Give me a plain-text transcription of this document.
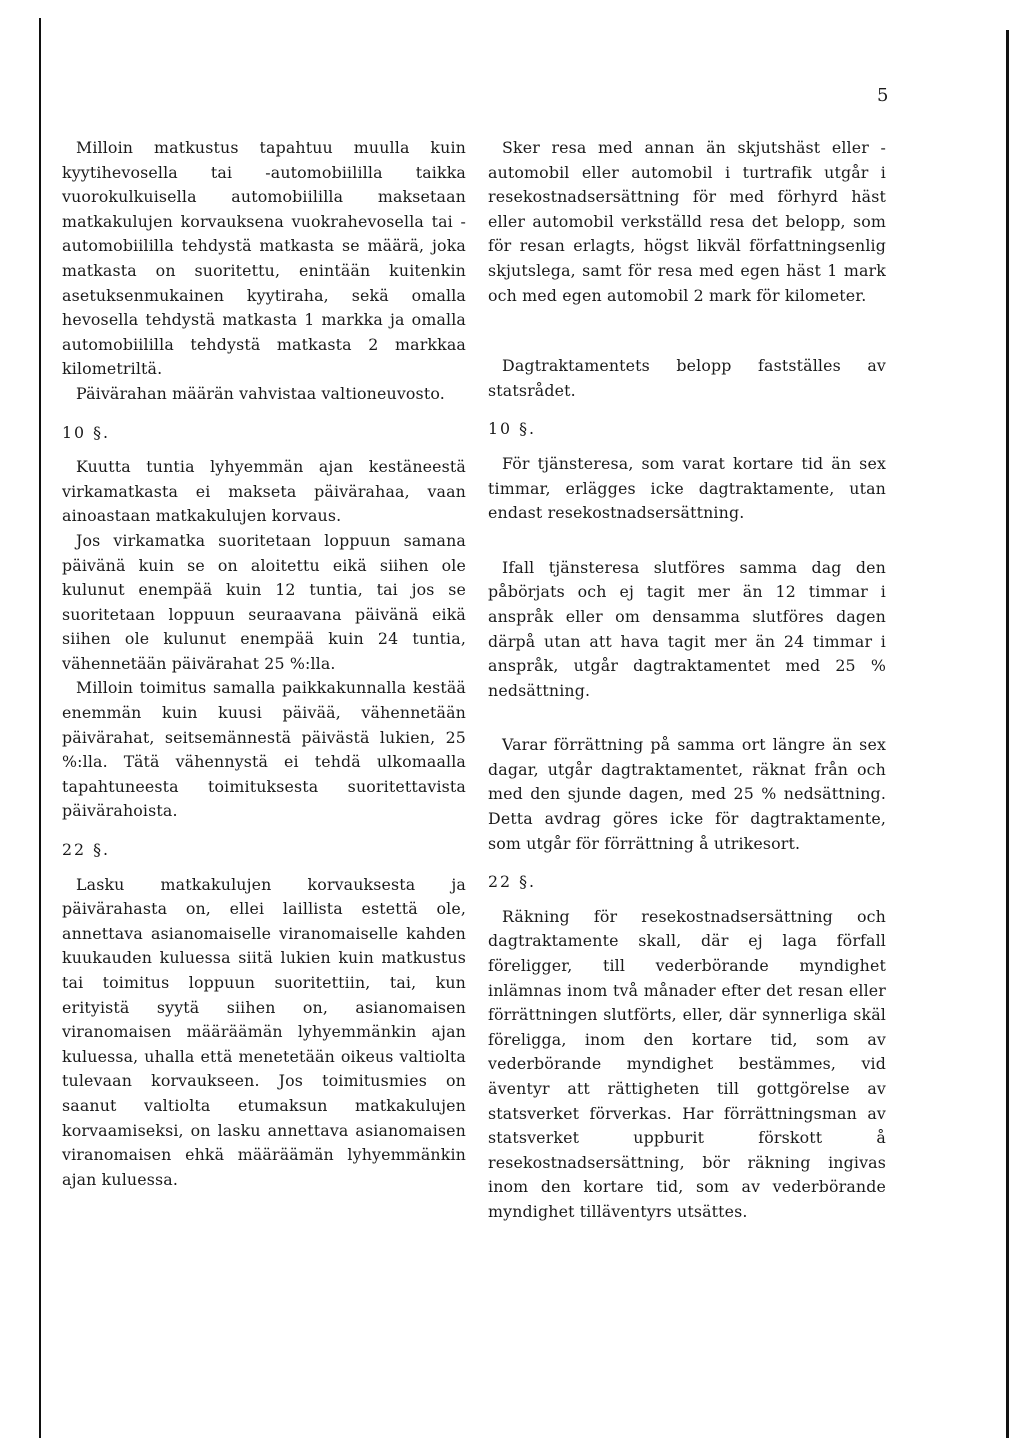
5

Milloin matkustus tapahtuu muulla kuin kyytihevosella tai -automobiililla taikka vuorokulkuisella automobiililla maksetaan matkakulujen korvauksena vuokrahevosella tai -automobiililla tehdystä matkasta se määrä, joka matkasta on suoritettu, enintään kuitenkin asetuksenmukainen kyytiraha, sekä omalla hevosella tehdystä matkasta 1 markka ja omalla automobiililla tehdystä matkasta 2 markkaa kilometriltä.

Päivärahan määrän vahvistaa valtioneuvosto.

10 §.

Kuutta tuntia lyhyemmän ajan kestäneestä virkamatkasta ei makseta päivärahaa, vaan ainoastaan matkakulujen korvaus.

Jos virkamatka suoritetaan loppuun samana päivänä kuin se on aloitettu eikä siihen ole kulunut enempää kuin 12 tuntia, tai jos se suoritetaan loppuun seuraavana päivänä eikä siihen ole kulunut enempää kuin 24 tuntia, vähennetään päivärahat 25 %:lla.

Milloin toimitus samalla paikkakunnalla kestää enemmän kuin kuusi päivää, vähennetään päivärahat, seitsemännestä päivästä lukien, 25 %:lla. Tätä vähennystä ei tehdä ulkomaalla tapahtuneesta toimituksesta suoritettavista päivärahoista.

22 §.

Lasku matkakulujen korvauksesta ja päivärahasta on, ellei laillista estettä ole, annettava asianomaiselle viranomaiselle kahden kuukauden kuluessa siitä lukien kuin matkustus tai toimitus loppuun suoritettiin, tai, kun erityistä syytä siihen on, asianomaisen viranomaisen määräämän lyhyemmänkin ajan kuluessa, uhalla että menetetään oikeus valtiolta tulevaan korvaukseen. Jos toimitusmies on saanut valtiolta etumaksun matkakulujen korvaamiseksi, on lasku annettava asianomaisen viranomaisen ehkä määräämän lyhyemmänkin ajan kuluessa.

Sker resa med annan än skjutshäst eller -automobil eller automobil i turtrafik utgår i resekostnadsersättning för med förhyrd häst eller automobil verkställd resa det belopp, som för resan erlagts, högst likväl författningsenlig skjutslega, samt för resa med egen häst 1 mark och med egen automobil 2 mark för kilometer.

Dagtraktamentets belopp fastställes av statsrådet.

10 §.

För tjänsteresa, som varat kortare tid än sex timmar, erlägges icke dagtraktamente, utan endast resekostnadsersättning.

Ifall tjänsteresa slutföres samma dag den påbörjats och ej tagit mer än 12 timmar i anspråk eller om densamma slutföres dagen därpå utan att hava tagit mer än 24 timmar i anspråk, utgår dagtraktamentet med 25 % nedsättning.

Varar förrättning på samma ort längre än sex dagar, utgår dagtraktamentet, räknat från och med den sjunde dagen, med 25 % nedsättning. Detta avdrag göres icke för dagtraktamente, som utgår för förrättning å utrikesort.

22 §.

Räkning för resekostnadsersättning och dagtraktamente skall, där ej laga förfall föreligger, till vederbörande myndighet inlämnas inom två månader efter det resan eller förrättningen slutförts, eller, där synnerliga skäl föreligga, inom den kortare tid, som av vederbörande myndighet bestämmes, vid äventyr att rättigheten till gottgörelse av statsverket förverkas. Har förrättningsman av statsverket uppburit förskott å resekostnadsersättning, bör räkning ingivas inom den kortare tid, som av vederbörande myndighet tilläventyrs utsättes.
